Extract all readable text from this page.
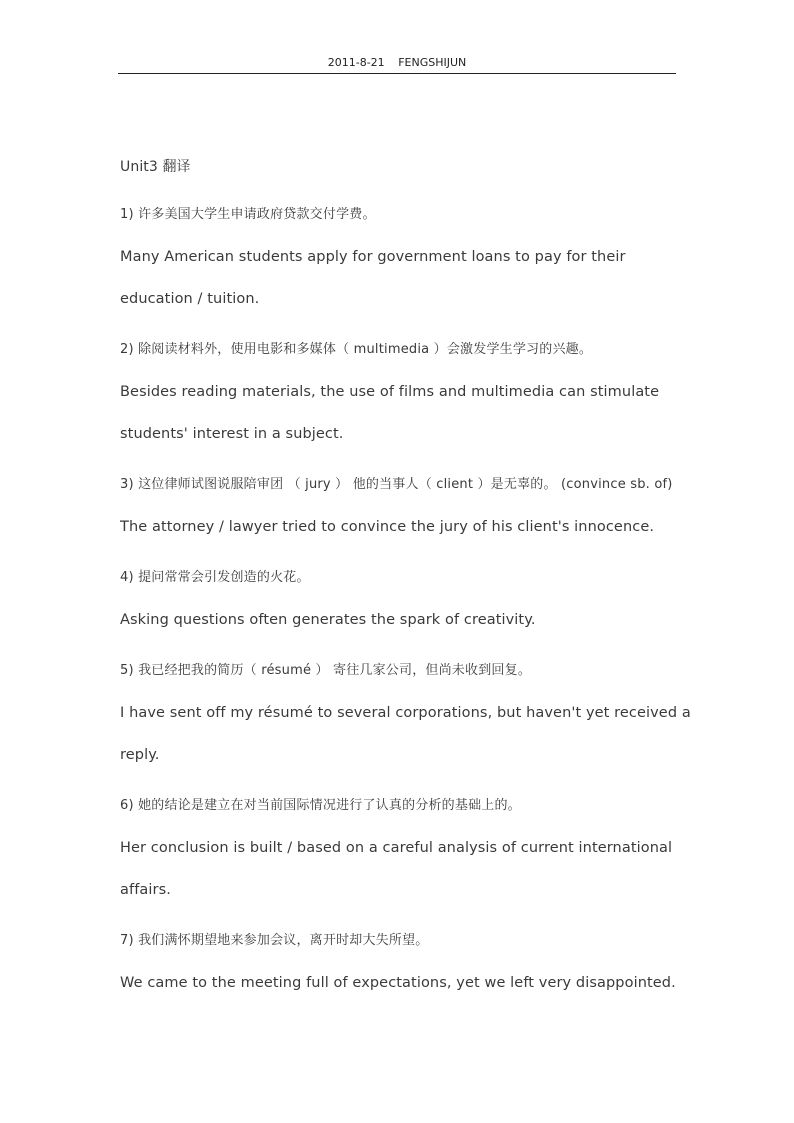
2011-8-21 FENGSHIJUN
Unit3 翻译
1) 许多美国大学生申请政府贷款交付学费。
Many American students apply for government loans to pay for their
education / tuition.
2) 除阅读材料外，使用电影和多媒体（ multimedia ）会激发学生学习的兴趣。
Besides reading materials, the use of films and multimedia can stimulate
students' interest in a subject.
3) 这位律师试图说服陪审团 （ jury ） 他的当事人（ client ）是无辜的。 (convince sb. of)
The attorney / lawyer tried to convince the jury of his client's innocence.
4) 提问常常会引发创造的火花。
Asking questions often generates the spark of creativity.
5) 我已经把我的简历（ résumé ） 寄往几家公司，但尚未收到回复。
I have sent off my résumé to several corporations, but haven't yet received a
reply.
6) 她的结论是建立在对当前国际情况进行了认真的分析的基础上的。
Her conclusion is built / based on a careful analysis of current international
affairs.
7) 我们满怀期望地来参加会议，离开时却大失所望。
We came to the meeting full of expectations, yet we left very disappointed.
